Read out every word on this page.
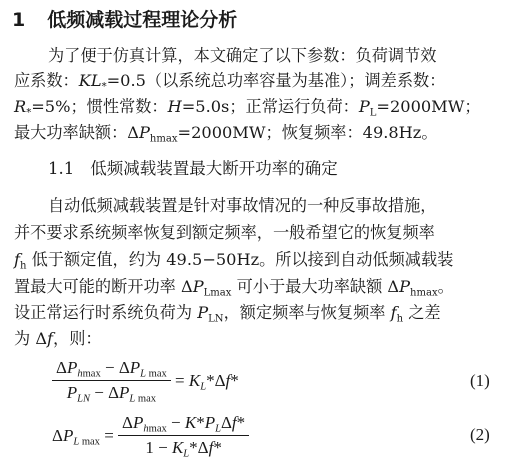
1 低频减载过程理论分析
为了便于仿真计算，本文确定了以下参数：负荷调节效
应系数：$KL_*=0.5$（以系统总功率容量为基准）；调差系数：
$R_*=5\%$；惯性常数：H=5.0s；正常运行负荷：$P_L=2000MW$；
最大功率缺额：$\Delta P_{hmax}=2000MW$；恢复频率：49.8Hz。
1.1 低频减载装置最大断开功率的确定
自动低频减载装置是针对事故情况的一种反事故措施，
并不要求系统频率恢复到额定频率，一般希望它的恢复频率
$f_h$ 低于额定值，约为 49.5−50Hz。所以接到自动低频减载装
置最大可能的断开功率 $\Delta P_{Lmax}$ 可小于最大功率缺额 $\Delta P_{hmax}$。
设正常运行时系统负荷为 $P_{LN}$，额定频率与恢复频率 $f_h$ 之差
为 Δf，则：
$\frac{\Delta P_{hmax} - \Delta P_{L max}}{P_{LN} - \Delta P_{L max}} = K_L*\Delta f*$	(1)
$\Delta P_{L max} = \frac{\Delta P_{hmax} - K*P_L\Delta f*}{1 - K_L*\Delta f*}$	(2)
